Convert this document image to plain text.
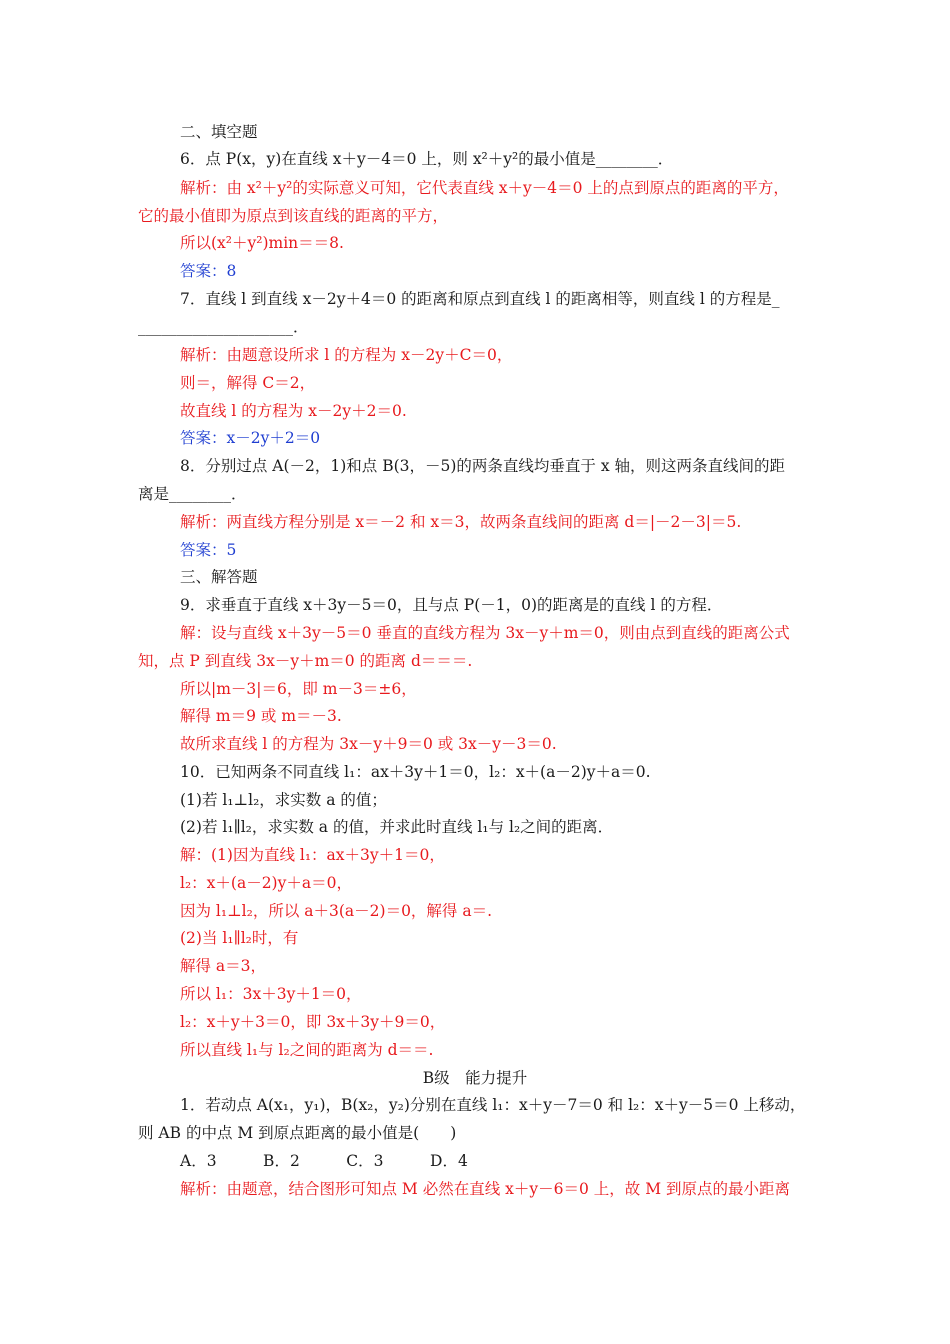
二、填空题
6．点 P(x，y)在直线 x＋y－4＝0 上，则 x²＋y²的最小值是________．
解析：由 x²＋y²的实际意义可知，它代表直线 x＋y－4＝0 上的点到原点的距离的平方，
它的最小值即为原点到该直线的距离的平方，
所以(x²＋y²)min＝＝8.
答案：8
7．直线 l 到直线 x－2y＋4＝0 的距离和原点到直线 l 的距离相等，则直线 l 的方程是_
____________________．
解析：由题意设所求 l 的方程为 x－2y＋C＝0，
则＝，解得 C＝2，
故直线 l 的方程为 x－2y＋2＝0.
答案：x－2y＋2＝0
8．分别过点 A(－2，1)和点 B(3，－5)的两条直线均垂直于 x 轴，则这两条直线间的距
离是________．
解析：两直线方程分别是 x＝－2 和 x＝3，故两条直线间的距离 d＝|－2－3|＝5.
答案：5
三、解答题
9．求垂直于直线 x＋3y－5＝0，且与点 P(－1，0)的距离是的直线 l 的方程．
解：设与直线 x＋3y－5＝0 垂直的直线方程为 3x－y＋m＝0，则由点到直线的距离公式
知，点 P 到直线 3x－y＋m＝0 的距离 d＝＝＝.
所以|m－3|＝6，即 m－3＝±6，
解得 m＝9 或 m＝－3.
故所求直线 l 的方程为 3x－y＋9＝0 或 3x－y－3＝0.
10．已知两条不同直线 l₁：ax＋3y＋1＝0，l₂：x＋(a－2)y＋a＝0.
(1)若 l₁⊥l₂，求实数 a 的值；
(2)若 l₁∥l₂，求实数 a 的值，并求此时直线 l₁与 l₂之间的距离．
解：(1)因为直线 l₁：ax＋3y＋1＝0，
l₂：x＋(a－2)y＋a＝0，
因为 l₁⊥l₂，所以 a＋3(a－2)＝0，解得 a＝.
(2)当 l₁∥l₂时，有
解得 a＝3，
所以 l₁：3x＋3y＋1＝0，
l₂：x＋y＋3＝0，即 3x＋3y＋9＝0，
所以直线 l₁与 l₂之间的距离为 d＝＝.
B级　能力提升
1．若动点 A(x₁，y₁)，B(x₂，y₂)分别在直线 l₁：x＋y－7＝0 和 l₂：x＋y－5＝0 上移动，
则 AB 的中点 M 到原点距离的最小值是(　　)
A．3　　　B．2　　　C．3　　　D．4
解析：由题意，结合图形可知点 M 必然在直线 x＋y－6＝0 上，故 M 到原点的最小距离
